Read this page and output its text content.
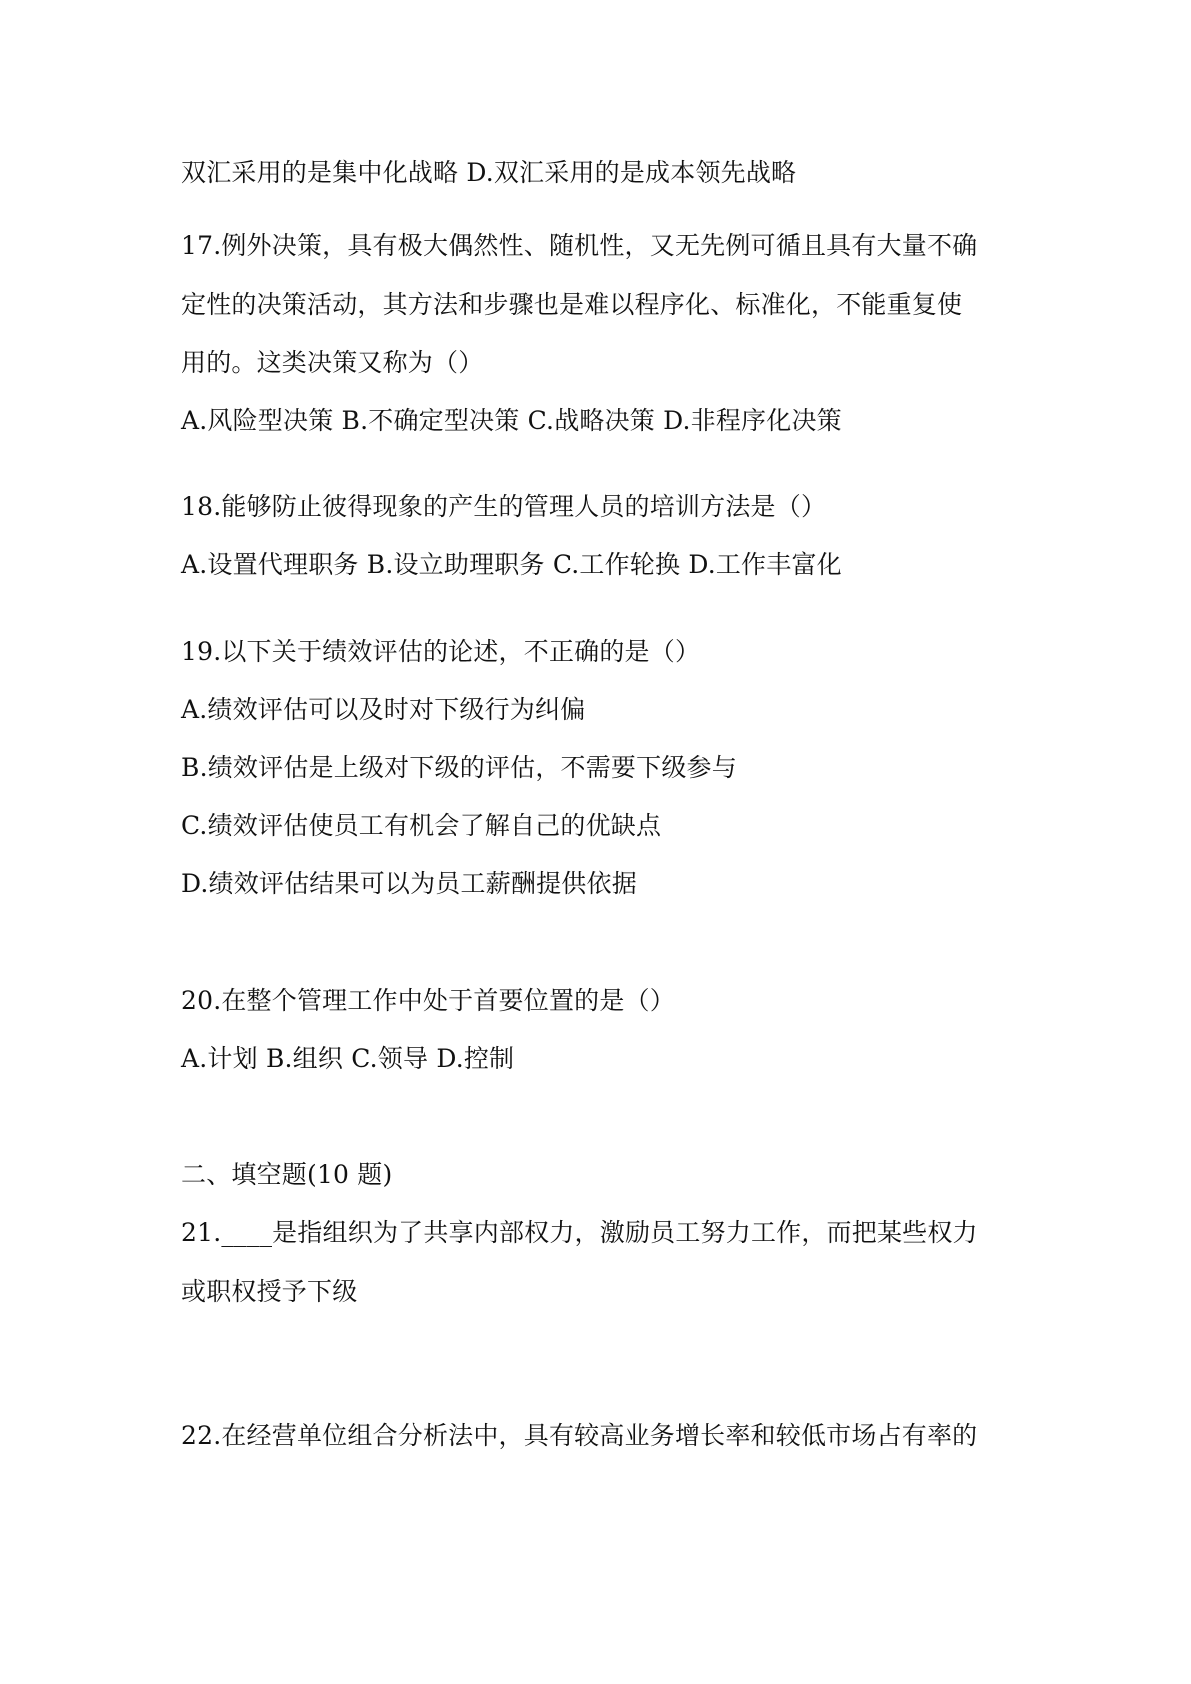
双汇采用的是集中化战略 D.双汇采用的是成本领先战略
17.例外决策，具有极大偶然性、随机性，又无先例可循且具有大量不确
定性的决策活动，其方法和步骤也是难以程序化、标准化，不能重复使
用的。这类决策又称为（）
A.风险型决策 B.不确定型决策 C.战略决策 D.非程序化决策
18.能够防止彼得现象的产生的管理人员的培训方法是（）
A.设置代理职务 B.设立助理职务 C.工作轮换 D.工作丰富化
19.以下关于绩效评估的论述，不正确的是（）
A.绩效评估可以及时对下级行为纠偏
B.绩效评估是上级对下级的评估，不需要下级参与
C.绩效评估使员工有机会了解自己的优缺点
D.绩效评估结果可以为员工薪酬提供依据
20.在整个管理工作中处于首要位置的是（）
A.计划 B.组织 C.领导 D.控制
二、填空题(10 题)
21.____是指组织为了共享内部权力，激励员工努力工作，而把某些权力
或职权授予下级
22.在经营单位组合分析法中，具有较高业务增长率和较低市场占有率的
